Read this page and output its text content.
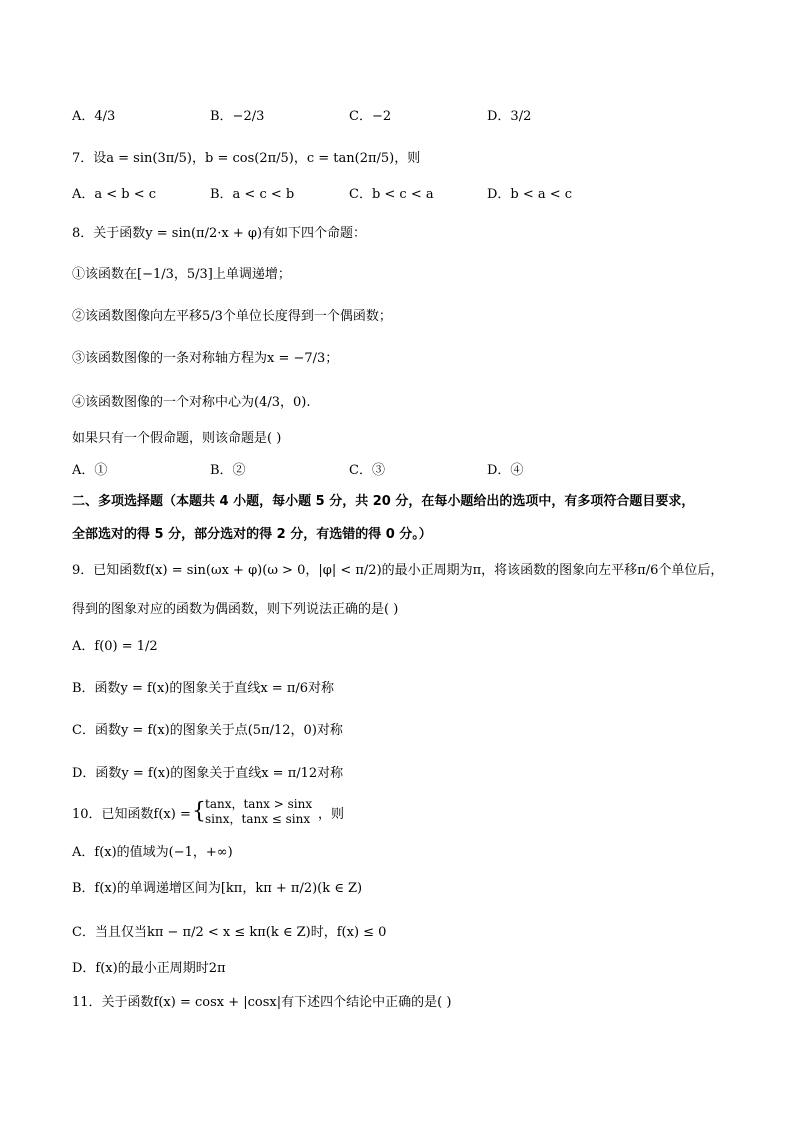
A．4/3	B．−2/3	C．−2	D．3/2
7．设a = sin(3π/5)，b = cos(2π/5)，c = tan(2π/5)，则
A．a < b < c	B．a < c < b	C．b < c < a	D．b < a < c
8．关于函数y = sin(π/2·x + φ)有如下四个命题：
①该函数在[−1/3，5/3]上单调递增；
②该函数图像向左平移5/3个单位长度得到一个偶函数；
③该函数图像的一条对称轴方程为x = −7/3；
④该函数图像的一个对称中心为(4/3，0).
如果只有一个假命题，则该命题是( )
A．①	B．②	C．③	D．④
二、多项选择题（本题共 4 小题，每小题 5 分，共 20 分，在每小题给出的选项中，有多项符合题目要求，
全部选对的得 5 分，部分选对的得 2 分，有选错的得 0 分。）
9．已知函数f(x) = sin(ωx + φ)(ω > 0，|φ| < π/2)的最小正周期为π，将该函数的图象向左平移π/6个单位后，
得到的图象对应的函数为偶函数，则下列说法正确的是( )
A．f(0) = 1/2
B．函数y = f(x)的图象关于直线x = π/6对称
C．函数y = f(x)的图象关于点(5π/12，0)对称
D．函数y = f(x)的图象关于直线x = π/12对称
10．已知函数f(x) = { tanx，tanx > sinx
sinx，tanx ≤ sinx ，则
A．f(x)的值域为(−1，+∞)
B．f(x)的单调递增区间为[kπ，kπ + π/2)(k ∈ Z)
C．当且仅当kπ − π/2 < x ≤ kπ(k ∈ Z)时，f(x) ≤ 0
D．f(x)的最小正周期时2π
11．关于函数f(x) = cosx + |cosx|有下述四个结论中正确的是( )
